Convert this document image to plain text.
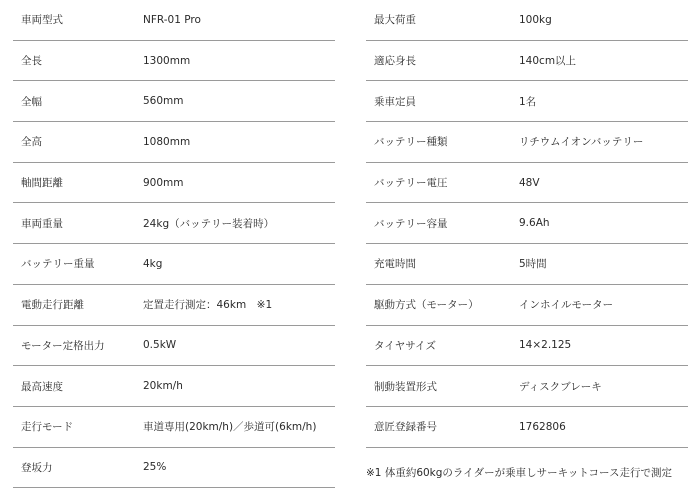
車両型式	NFR-01 Pro
全長	1300mm
全幅	560mm
全高	1080mm
軸間距離	900mm
車両重量	24kg（バッテリー装着時）
バッテリー重量	4kg
電動走行距離	定置走行測定：46km　※1
モーター定格出力	0.5kW
最高速度	20km/h
走行モード	車道専用(20km/h)／歩道可(6km/h)
登坂力	25%
最大荷重	100kg
適応身長	140cm以上
乗車定員	1名
バッテリー種類	リチウムイオンバッテリー
バッテリー電圧	48V
バッテリー容量	9.6Ah
充電時間	5時間
駆動方式（モーター）	インホイルモーター
タイヤサイズ	14×2.125
制動装置形式	ディスクブレーキ
意匠登録番号	1762806
※1 体重約60kgのライダーが乗車しサーキットコース走行で測定
